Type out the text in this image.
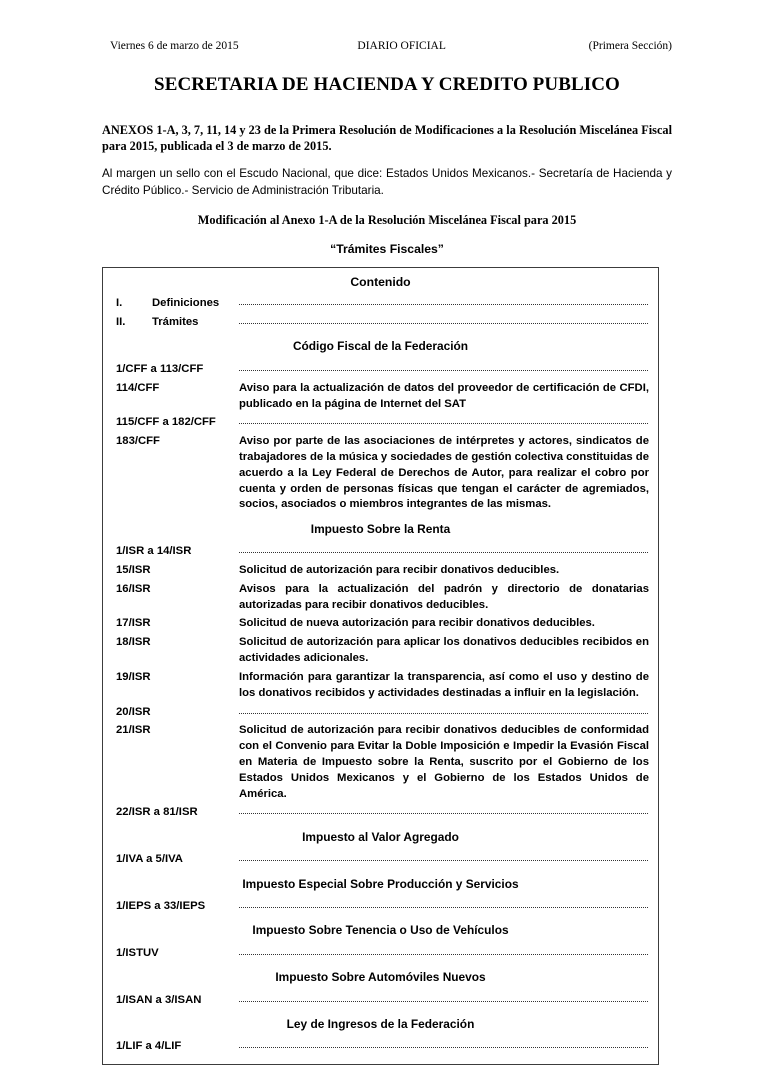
Viernes 6 de marzo de 2015	DIARIO OFICIAL	(Primera Sección)
SECRETARIA DE HACIENDA Y CREDITO PUBLICO

ANEXOS 1-A, 3, 7, 11, 14 y 23 de la Primera Resolución de Modificaciones a la Resolución Miscelánea Fiscal para 2015, publicada el 3 de marzo de 2015.

Al margen un sello con el Escudo Nacional, que dice: Estados Unidos Mexicanos.- Secretaría de Hacienda y Crédito Público.- Servicio de Administración Tributaria.

Modificación al Anexo 1-A de la Resolución Miscelánea Fiscal para 2015

“Trámites Fiscales”

Contenido
I.	Definiciones
II.	Trámites
Código Fiscal de la Federación
1/CFF a 113/CFF
114/CFF	Aviso para la actualización de datos del proveedor de certificación de CFDI, publicado en la página de Internet del SAT
115/CFF a 182/CFF
183/CFF	Aviso por parte de las asociaciones de intérpretes y actores, sindicatos de trabajadores de la música y sociedades de gestión colectiva constituidas de acuerdo a la Ley Federal de Derechos de Autor, para realizar el cobro por cuenta y orden de personas físicas que tengan el carácter de agremiados, socios, asociados o miembros integrantes de las mismas.
Impuesto Sobre la Renta
1/ISR a 14/ISR
15/ISR	Solicitud de autorización para recibir donativos deducibles.
16/ISR	Avisos para la actualización del padrón y directorio de donatarias autorizadas para recibir donativos deducibles.
17/ISR	Solicitud de nueva autorización para recibir donativos deducibles.
18/ISR	Solicitud de autorización para aplicar los donativos deducibles recibidos en actividades adicionales.
19/ISR	Información para garantizar la transparencia, así como el uso y destino de los donativos recibidos y actividades destinadas a influir en la legislación.
20/ISR
21/ISR	Solicitud de autorización para recibir donativos deducibles de conformidad con el Convenio para Evitar la Doble Imposición e Impedir la Evasión Fiscal en Materia de Impuesto sobre la Renta, suscrito por el Gobierno de los Estados Unidos Mexicanos y el Gobierno de los Estados Unidos de América.
22/ISR a 81/ISR
Impuesto al Valor Agregado
1/IVA a 5/IVA
Impuesto Especial Sobre Producción y Servicios
1/IEPS a 33/IEPS
Impuesto Sobre Tenencia o Uso de Vehículos
1/ISTUV
Impuesto Sobre Automóviles Nuevos
1/ISAN a 3/ISAN
Ley de Ingresos de la Federación
1/LIF a 4/LIF
